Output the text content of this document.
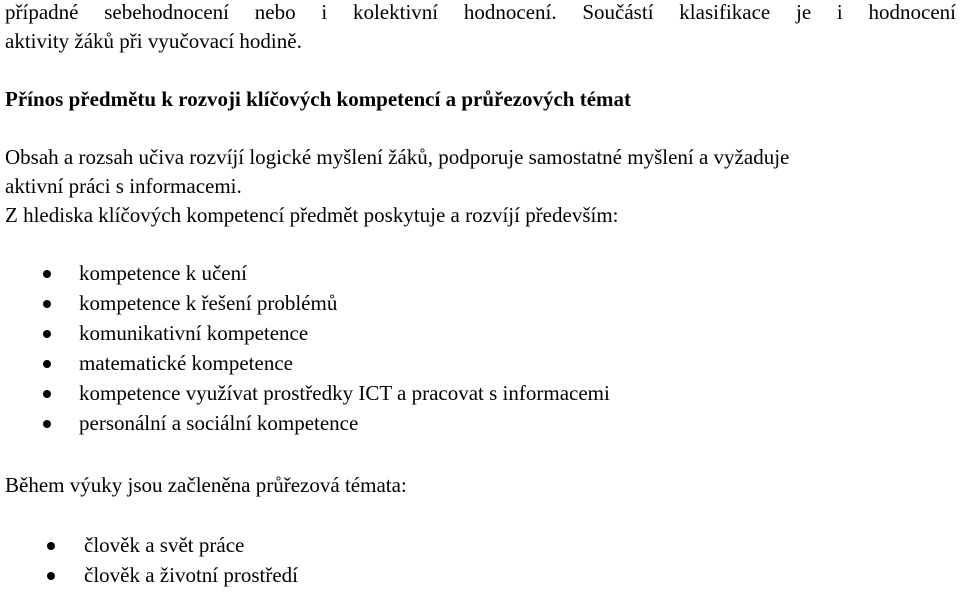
případné sebehodnocení nebo i kolektivní hodnocení. Součástí klasifikace je i hodnocení
aktivity žáků při vyučovací hodině.
Přínos předmětu k rozvoji klíčových kompetencí a průřezových témat
Obsah a rozsah učiva rozvíjí logické myšlení žáků, podporuje samostatné myšlení a vyžaduje
aktivní práci s informacemi.
Z hlediska klíčových kompetencí předmět poskytuje a rozvíjí především:
kompetence k učení
kompetence k řešení problémů
komunikativní kompetence
matematické kompetence
kompetence využívat prostředky ICT a pracovat s informacemi
personální a sociální kompetence
Během výuky jsou začleněna průřezová témata:
člověk a svět práce
člověk a životní prostředí
